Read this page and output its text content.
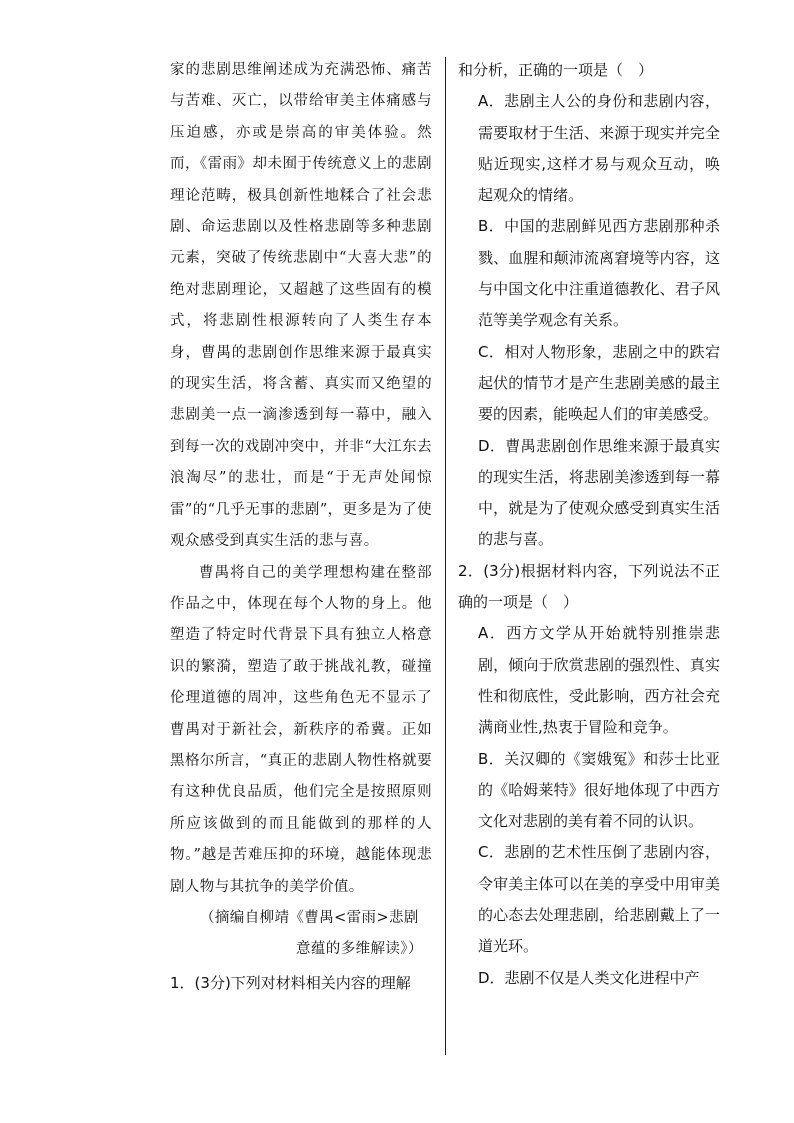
家的悲剧思维阐述成为充满恐怖、痛苦与苦难、灭亡，以带给审美主体痛感与压迫感，亦或是崇高的审美体验。然而，《雷雨》却未囿于传统意义上的悲剧理论范畴，极具创新性地糅合了社会悲剧、命运悲剧以及性格悲剧等多种悲剧元素，突破了传统悲剧中“大喜大悲”的绝对悲剧理论，又超越了这些固有的模式，将悲剧性根源转向了人类生存本身，曹禺的悲剧创作思维来源于最真实的现实生活，将含蓄、真实而又绝望的悲剧美一点一滴渗透到每一幕中，融入到每一次的戏剧冲突中，并非“大江东去浪淘尽”的悲壮，而是“于无声处闻惊雷”的“几乎无事的悲剧”，更多是为了使观众感受到真实生活的悲与喜。

曹禺将自己的美学理想构建在整部作品之中，体现在每个人物的身上。他塑造了特定时代背景下具有独立人格意识的繁漪，塑造了敢于挑战礼教，碰撞伦理道德的周冲，这些角色无不显示了曹禺对于新社会，新秩序的希冀。正如黑格尔所言，“真正的悲剧人物性格就要有这种优良品质，他们完全是按照原则所应该做到的而且能做到的那样的人物。”越是苦难压抑的环境，越能体现悲剧人物与其抗争的美学价值。

（摘编自柳靖《曹禺<雷雨>悲剧
意蕴的多维解读》）

1．(3分)下列对材料相关内容的理解

和分析，正确的一项是（　）

A．悲剧主人公的身份和悲剧内容，需要取材于生活、来源于现实并完全贴近现实,这样才易与观众互动，唤起观众的情绪。

B．中国的悲剧鲜见西方悲剧那种杀戮、血腥和颠沛流离窘境等内容，这与中国文化中注重道德教化、君子风范等美学观念有关系。

C．相对人物形象，悲剧之中的跌宕起伏的情节才是产生悲剧美感的最主要的因素，能唤起人们的审美感受。

D．曹禺悲剧创作思维来源于最真实的现实生活，将悲剧美渗透到每一幕中，就是为了使观众感受到真实生活的悲与喜。

2．(3分)根据材料内容，下列说法不正确的一项是（　）

A．西方文学从开始就特别推崇悲剧，倾向于欣赏悲剧的强烈性、真实性和彻底性，受此影响，西方社会充满商业性,热衷于冒险和竞争。

B．关汉卿的《窦娥冤》和莎士比亚的《哈姆莱特》很好地体现了中西方文化对悲剧的美有着不同的认识。

C．悲剧的艺术性压倒了悲剧内容，令审美主体可以在美的享受中用审美的心态去处理悲剧，给悲剧戴上了一道光环。

D．悲剧不仅是人类文化进程中产
